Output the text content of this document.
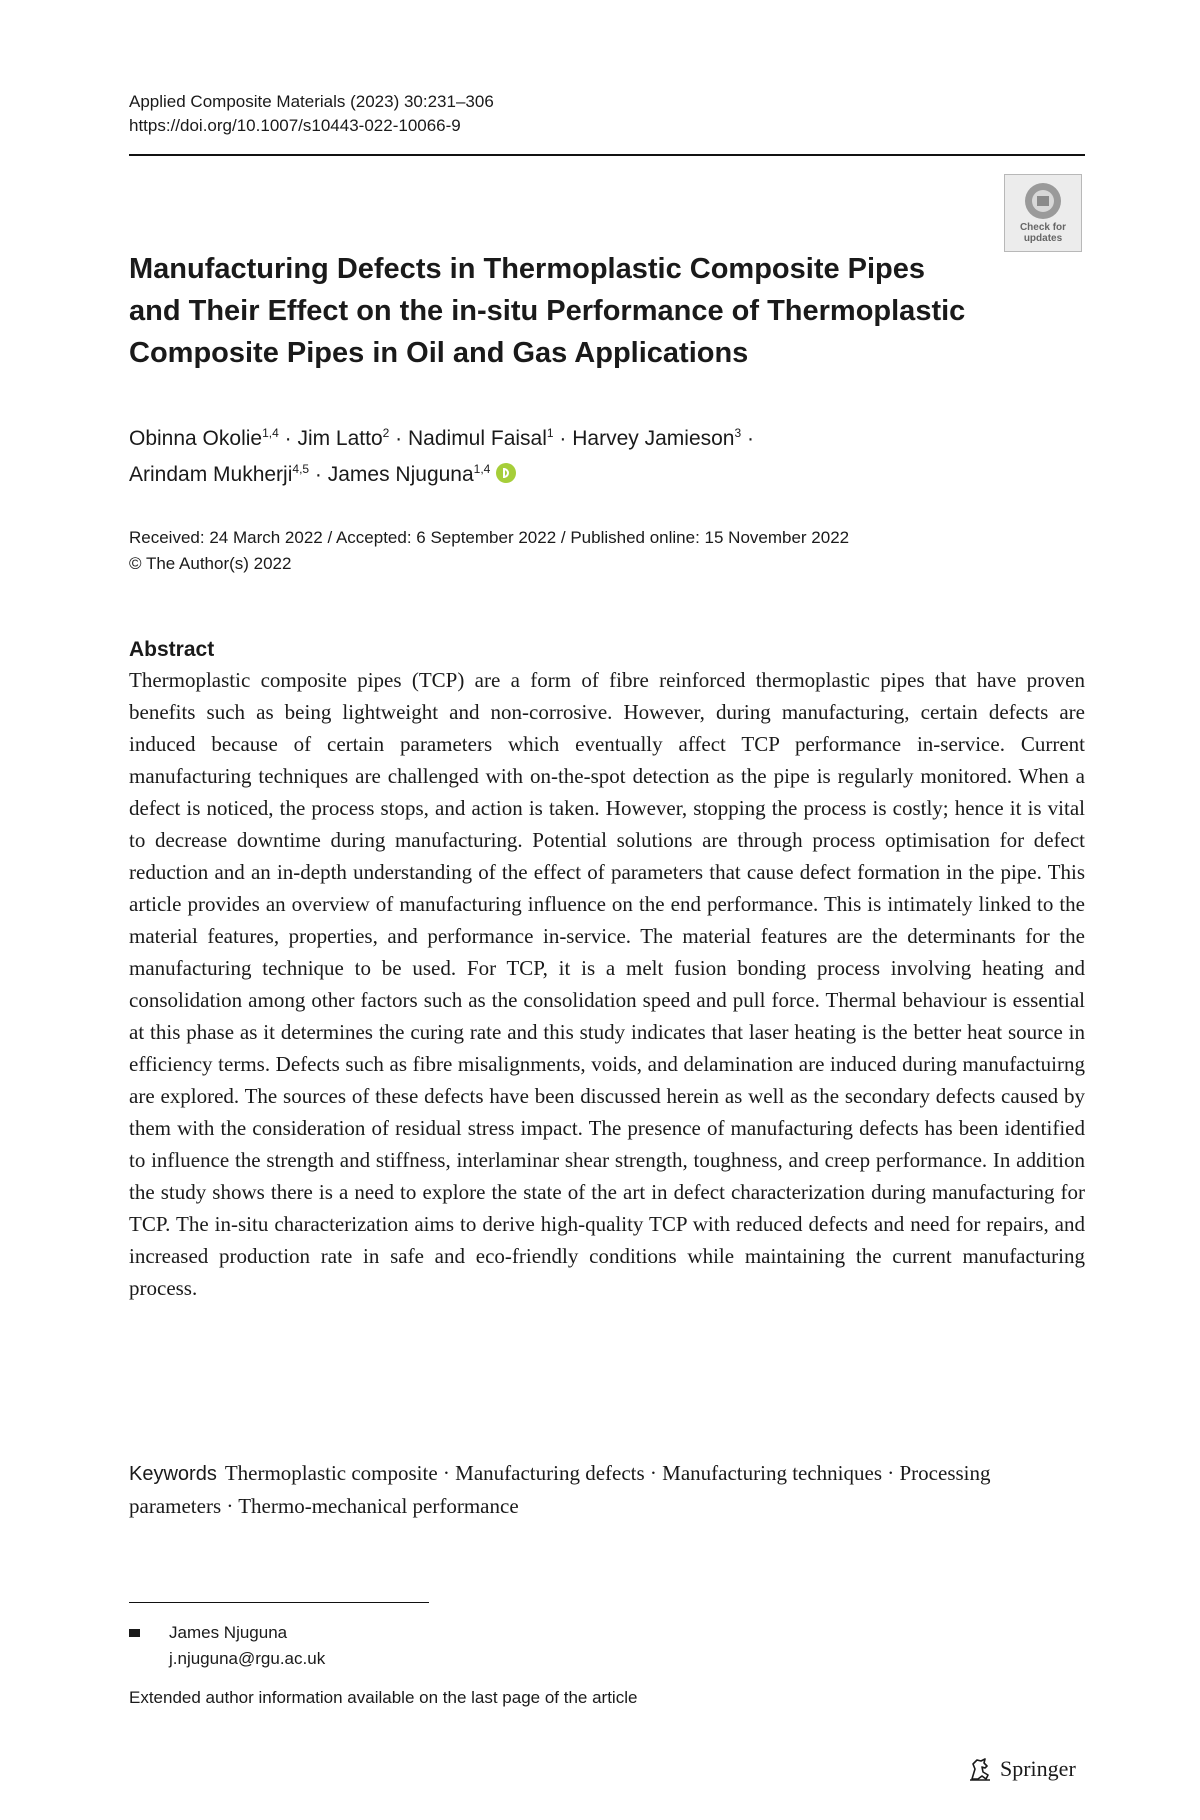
Applied Composite Materials (2023) 30:231–306
https://doi.org/10.1007/s10443-022-10066-9
Check for updates
Manufacturing Defects in Thermoplastic Composite Pipes
and Their Effect on the in-situ Performance of Thermoplastic
Composite Pipes in Oil and Gas Applications
Obinna Okolie$^{1,4}$ · Jim Latto$^2$ · Nadimul Faisal$^1$ · Harvey Jamieson$^3$ ·
Arindam Mukherji$^{4,5}$ · James Njuguna$^{1,4}$
Received: 24 March 2022 / Accepted: 6 September 2022 / Published online: 15 November 2022
© The Author(s) 2022
Abstract
Thermoplastic composite pipes (TCP) are a form of fibre reinforced thermoplastic pipes that have proven benefits such as being lightweight and non-corrosive. However, during manufacturing, certain defects are induced because of certain parameters which eventually affect TCP performance in-service. Current manufacturing techniques are challenged with on-the-spot detection as the pipe is regularly monitored. When a defect is noticed, the process stops, and action is taken. However, stopping the process is costly; hence it is vital to decrease downtime during manufacturing. Potential solutions are through process optimisation for defect reduction and an in-depth understanding of the effect of parameters that cause defect formation in the pipe. This article provides an overview of manufacturing influence on the end performance. This is intimately linked to the material features, properties, and performance in-service. The material features are the determinants for the manufacturing technique to be used. For TCP, it is a melt fusion bonding process involving heating and consolidation among other factors such as the consolidation speed and pull force. Thermal behaviour is essential at this phase as it determines the curing rate and this study indicates that laser heating is the better heat source in efficiency terms. Defects such as fibre misalignments, voids, and delamination are induced during manufactuirng are explored. The sources of these defects have been discussed herein as well as the secondary defects caused by them with the consideration of residual stress impact. The presence of manufacturing defects has been identified to influence the strength and stiffness, interlaminar shear strength, toughness, and creep performance. In addition the study shows there is a need to explore the state of the art in defect characterization during manufacturing for TCP. The in-situ characterization aims to derive high-quality TCP with reduced defects and need for repairs, and increased production rate in safe and eco-friendly conditions while maintaining the current manufacturing process.
Keywords Thermoplastic composite · Manufacturing defects · Manufacturing techniques · Processing parameters · Thermo-mechanical performance
James Njuguna
j.njuguna@rgu.ac.uk
Extended author information available on the last page of the article
Springer
